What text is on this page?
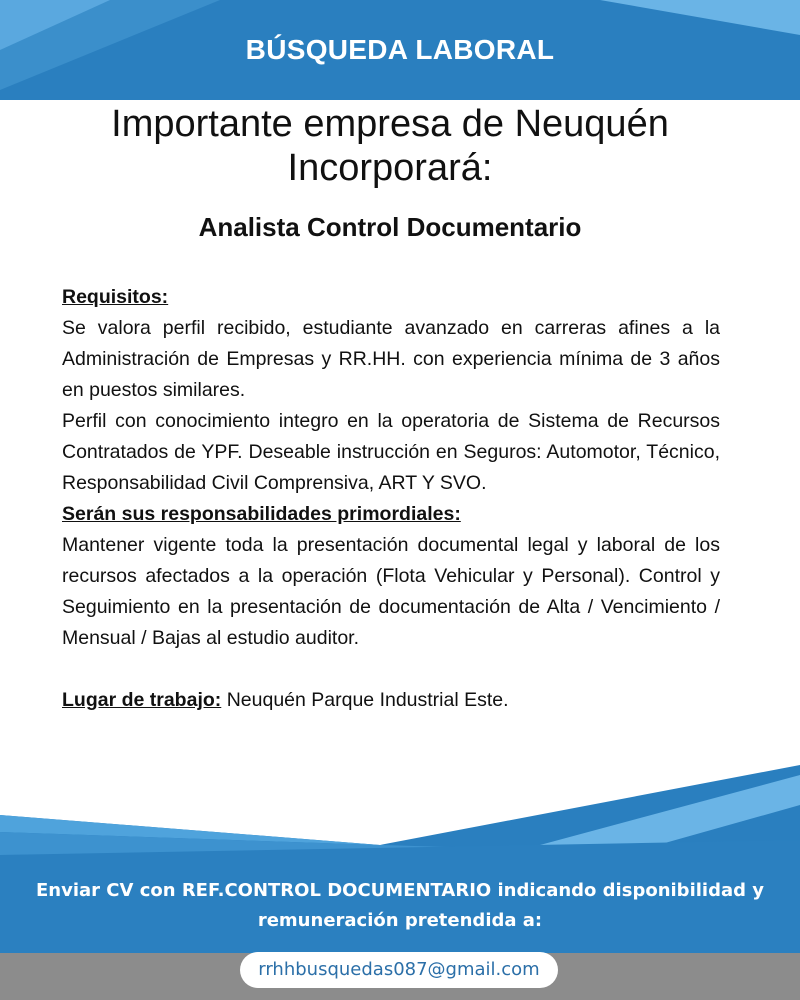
BÚSQUEDA LABORAL
Importante empresa de Neuquén
Incorporará:
Analista Control Documentario

Requisitos:

Se valora perfil recibido, estudiante avanzado en carreras afines a la Administración de Empresas y RR.HH. con experiencia mínima de 3 años en puestos similares.

Perfil con conocimiento integro en la operatoria de Sistema de Recursos Contratados de YPF. Deseable instrucción en Seguros: Automotor, Técnico, Responsabilidad Civil Comprensiva, ART Y SVO.

Serán sus responsabilidades primordiales:

Mantener vigente toda la presentación documental legal y laboral de los recursos afectados a la operación (Flota Vehicular y Personal). Control y Seguimiento en la presentación de documentación de Alta / Vencimiento / Mensual / Bajas al estudio auditor.

Lugar de trabajo: Neuquén Parque Industrial Este.

Enviar CV con REF.CONTROL DOCUMENTARIO indicando disponibilidad y
remuneración pretendida a:
rrhhbusquedas087@gmail.com
